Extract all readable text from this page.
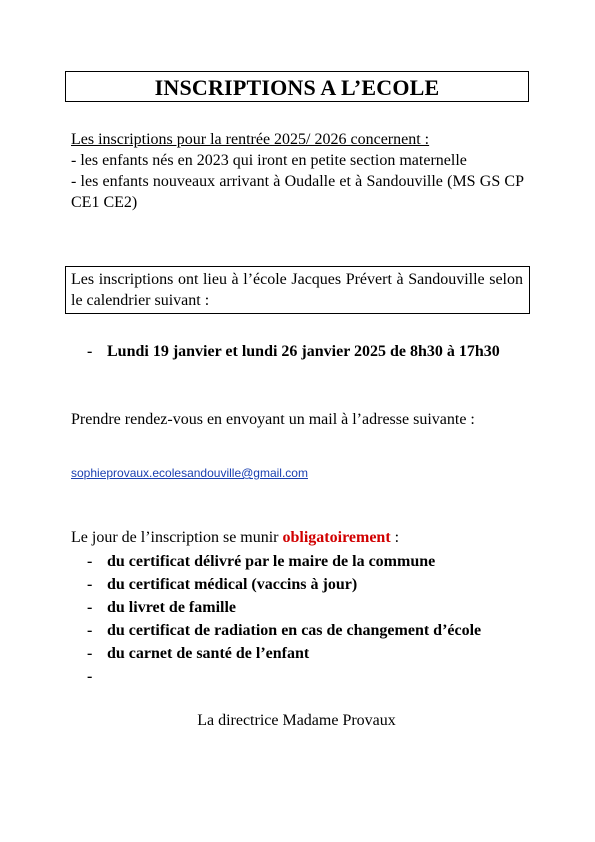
INSCRIPTIONS A L’ECOLE

Les inscriptions pour la rentrée 2025/ 2026 concernent :

- les enfants nés en 2023 qui iront en petite section maternelle

- les enfants nouveaux arrivant à Oudalle et à Sandouville (MS GS CP CE1 CE2)

Les inscriptions ont lieu à l’école Jacques Prévert à Sandouville selon le calendrier suivant :

- Lundi 19 janvier et lundi 26 janvier 2025 de 8h30 à 17h30

Prendre rendez-vous en envoyant un mail à l’adresse suivante :

sophieprovaux.ecolesandouville@gmail.com

Le jour de l’inscription se munir obligatoirement :

- du certificat délivré par le maire de la commune
- du certificat médical (vaccins à jour)
- du livret de famille
- du certificat de radiation en cas de changement d’école
- du carnet de santé de l’enfant
-
La directrice Madame Provaux
